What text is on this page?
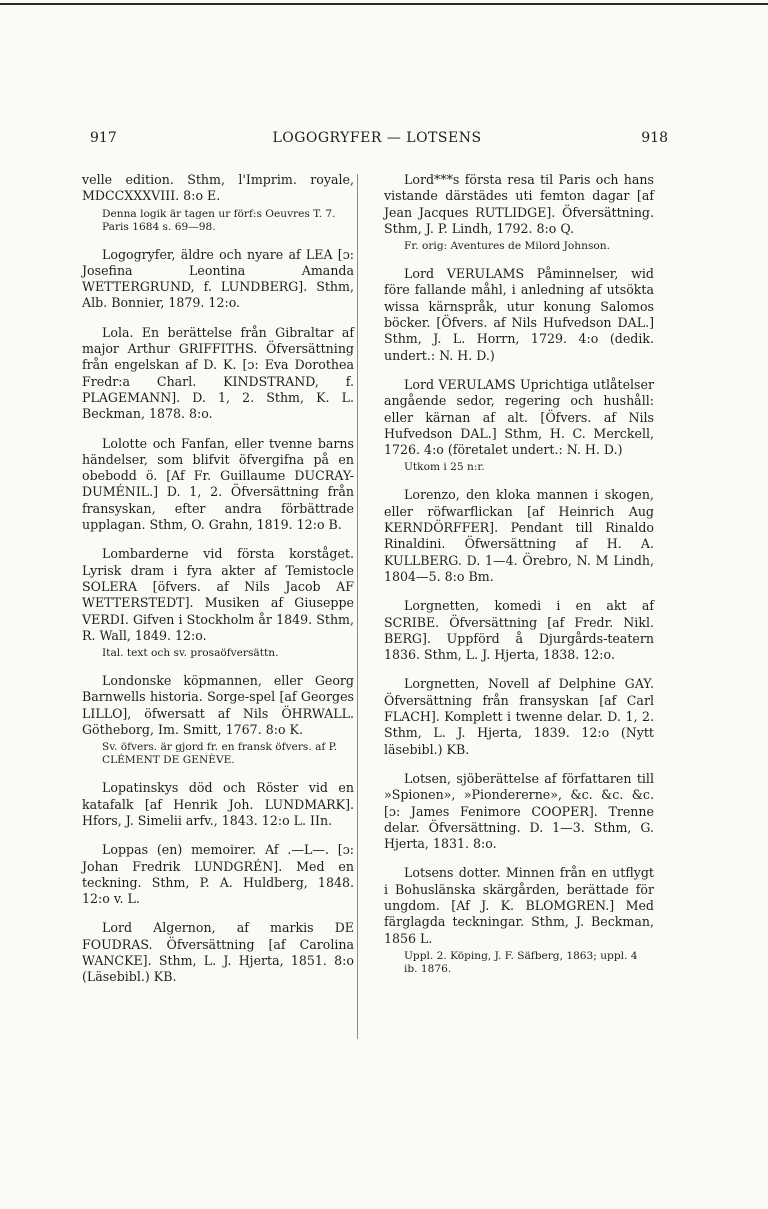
917	LOGOGRYFER — LOTSENS	918

velle edition. Sthm, l'Imprim. royale, MDCCXXXVIII. 8:o E.

Denna logik är tagen ur förf:s Oeuvres T. 7. Paris 1684 s. 69—98.

Logogryfer, äldre och nyare af LEA [ɔ: Josefina Leontina Amanda WETTERGRUND, f. LUNDBERG]. Sthm, Alb. Bonnier, 1879. 12:o.

Lola. En berättelse från Gibraltar af major Arthur GRIFFITHS. Öfversättning från engelskan af D. K. [ɔ: Eva Dorothea Fredr:a Charl. KINDSTRAND, f. PLAGEMANN]. D. 1, 2. Sthm, K. L. Beckman, 1878. 8:o.

Lolotte och Fanfan, eller tvenne barns händelser, som blifvit öfvergifna på en obebodd ö. [Af Fr. Guillaume DUCRAY-DUMÉNIL.] D. 1, 2. Öfversättning från fransyskan, efter andra förbättrade upplagan. Sthm, O. Grahn, 1819. 12:o B.

Lombarderne vid första korståget. Lyrisk dram i fyra akter af Temistocle SOLERA [öfvers. af Nils Jacob AF WETTERSTEDT]. Musiken af Giuseppe VERDI. Gifven i Stockholm år 1849. Sthm, R. Wall, 1849. 12:o.

Ital. text och sv. prosaöfversättn.

Londonske köpmannen, eller Georg Barnwells historia. Sorge-spel [af Georges LILLO], öfwersatt af Nils ÖHRWALL. Götheborg, Im. Smitt, 1767. 8:o K.

Sv. öfvers. är gjord fr. en fransk öfvers. af P. CLÉMENT DE GENÈVE.

Lopatinskys död och Röster vid en katafalk [af Henrik Joh. LUNDMARK]. Hfors, J. Simelii arfv., 1843. 12:o L. IIn.

Loppas (en) memoirer. Af .—L—. [ɔ: Johan Fredrik LUNDGRÉN]. Med en teckning. Sthm, P. A. Huldberg, 1848. 12:o v. L.

Lord Algernon, af markis DE FOUDRAS. Öfversättning [af Carolina WANCKE]. Sthm, L. J. Hjerta, 1851. 8:o (Läsebibl.) KB.

Lord***s första resa til Paris och hans vistande därstädes uti femton dagar [af Jean Jacques RUTLIDGE]. Öfversättning. Sthm, J. P. Lindh, 1792. 8:o Q.

Fr. orig: Aventures de Milord Johnson.

Lord VERULAMS Påminnelser, wid före fallande måhl, i anledning af utsökta wissa kärnspråk, utur konung Salomos böcker. [Öfvers. af Nils Hufvedson DAL.] Sthm, J. L. Horrn, 1729. 4:o (dedik. undert.: N. H. D.)

Lord VERULAMS Uprichtiga utlåtelser angående sedor, regering och hushåll: eller kärnan af alt. [Öfvers. af Nils Hufvedson DAL.] Sthm, H. C. Merckell, 1726. 4:o (företalet undert.: N. H. D.)

Utkom i 25 n:r.

Lorenzo, den kloka mannen i skogen, eller röfwarflickan [af Heinrich Aug KERNDÖRFFER]. Pendant till Rinaldo Rinaldini. Öfwersättning af H. A. KULLBERG. D. 1—4. Örebro, N. M Lindh, 1804—5. 8:o Bm.

Lorgnetten, komedi i en akt af SCRIBE. Öfversättning [af Fredr. Nikl. BERG]. Uppförd å Djurgårds-teatern 1836. Sthm, L. J. Hjerta, 1838. 12:o.

Lorgnetten, Novell af Delphine GAY. Öfversättning från fransyskan [af Carl FLACH]. Komplett i twenne delar. D. 1, 2. Sthm, L. J. Hjerta, 1839. 12:o (Nytt läsebibl.) KB.

Lotsen, sjöberättelse af författaren till »Spionen», »Piondererne», &c. &c. &c. [ɔ: James Fenimore COOPER]. Trenne delar. Öfversättning. D. 1—3. Sthm, G. Hjerta, 1831. 8:o.

Lotsens dotter. Minnen från en utflygt i Bohuslänska skärgården, berättade för ungdom. [Af J. K. BLOMGREN.] Med färglagda teckningar. Sthm, J. Beckman, 1856 L.

Uppl. 2. Köping, J. F. Säfberg, 1863; uppl. 4 ib. 1876.
